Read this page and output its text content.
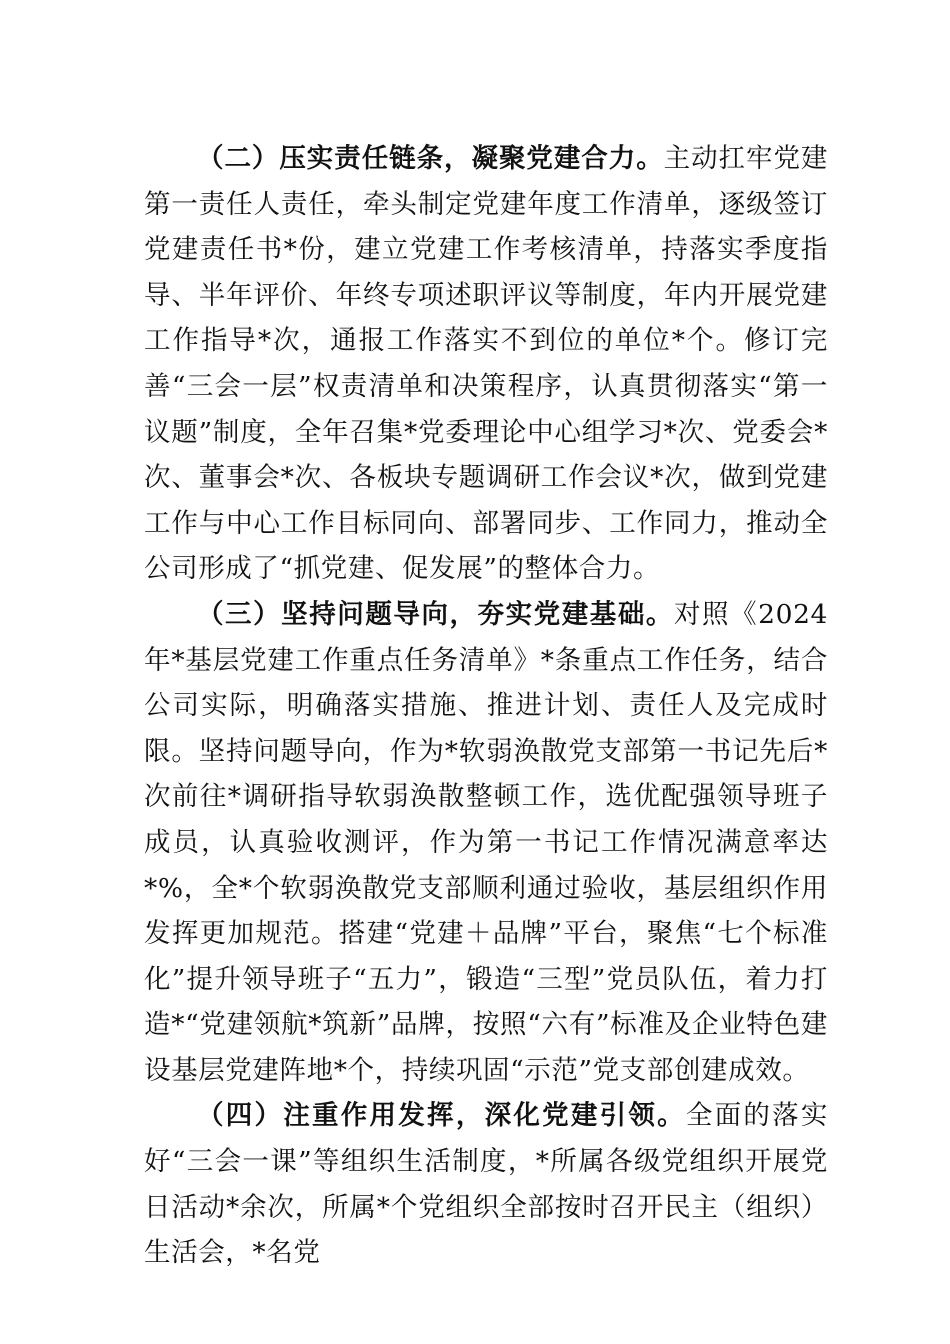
（二）压实责任链条，凝聚党建合力。主动扛牢党建第一责任人责任，牵头制定党建年度工作清单，逐级签订党建责任书*份，建立党建工作考核清单，持落实季度指导、半年评价、年终专项述职评议等制度，年内开展党建工作指导*次，通报工作落实不到位的单位*个。修订完善“三会一层”权责清单和决策程序，认真贯彻落实“第一议题”制度，全年召集*党委理论中心组学习*次、党委会*次、董事会*次、各板块专题调研工作会议*次，做到党建工作与中心工作目标同向、部署同步、工作同力，推动全公司形成了“抓党建、促发展”的整体合力。

（三）坚持问题导向，夯实党建基础。对照《2024年*基层党建工作重点任务清单》*条重点工作任务，结合公司实际，明确落实措施、推进计划、责任人及完成时限。坚持问题导向，作为*软弱涣散党支部第一书记先后*次前往*调研指导软弱涣散整顿工作，选优配强领导班子成员，认真验收测评，作为第一书记工作情况满意率达*%，全*个软弱涣散党支部顺利通过验收，基层组织作用发挥更加规范。搭建“党建＋品牌”平台，聚焦“七个标准化”提升领导班子“五力”，锻造“三型”党员队伍，着力打造*“党建领航*筑新”品牌，按照“六有”标准及企业特色建设基层党建阵地*个，持续巩固“示范”党支部创建成效。

（四）注重作用发挥，深化党建引领。全面的落实好“三会一课”等组织生活制度，*所属各级党组织开展党日活动*余次，所属*个党组织全部按时召开民主（组织）生活会，*名党
